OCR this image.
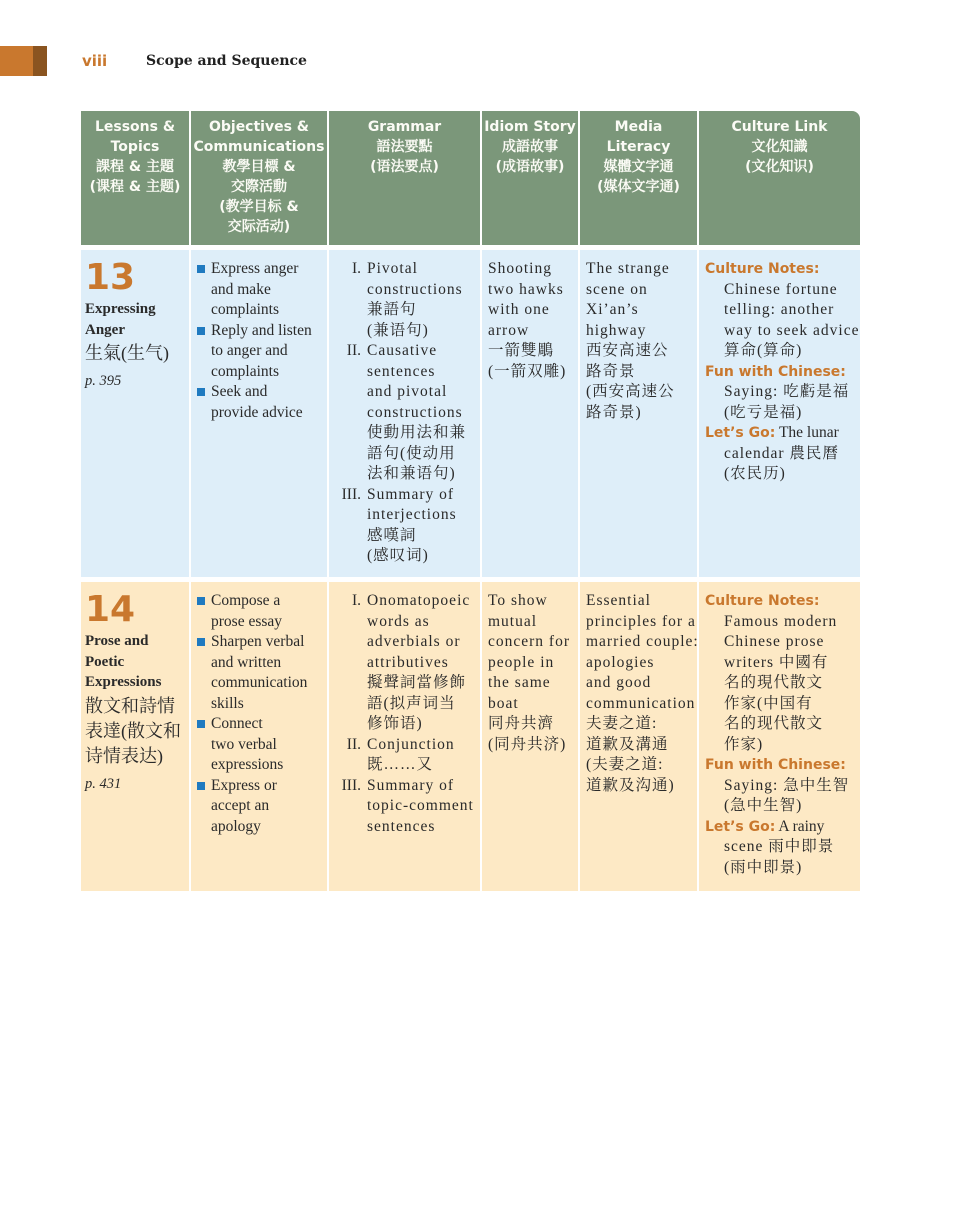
viii	Scope and Sequence
Lessons &
Topics
課程 & 主題
(课程 & 主题)
Objectives &
Communications
教學目標 &
交際活動
(教学目标 &
交际活动)
Grammar
語法要點
(语法要点)
Idiom Story
成語故事
(成语故事)
Media
Literacy
媒體文字通
(媒体文字通)
Culture Link
文化知識
(文化知识)
13
Expressing
Anger
生氣(生气)
p. 395
Express anger
and make
complaints
Reply and listen
to anger and
complaints
Seek and
provide advice
I. Pivotal
constructions
兼語句
(兼语句)
II. Causative
sentences
and pivotal
constructions
使動用法和兼
語句(使动用
法和兼语句)
III. Summary of
interjections
感嘆詞
(感叹词)
Shooting
two hawks
with one
arrow
一箭雙鵰
(一箭双雕)
The strange
scene on
Xi’an’s
highway
西安高速公
路奇景
(西安高速公
路奇景)
Culture Notes:
Chinese fortune
telling: another
way to seek advice
算命(算命)
Fun with Chinese:
Saying: 吃虧是福
(吃亏是福)
Let’s Go: The lunar
calendar 農民曆
(农民历)
14
Prose and
Poetic
Expressions
散文和詩情
表達(散文和
诗情表达)
p. 431
Compose a
prose essay
Sharpen verbal
and written
communication
skills
Connect
two verbal
expressions
Express or
accept an
apology
I. Onomatopoeic
words as
adverbials or
attributives
擬聲詞當修飾
語(拟声词当
修饰语)
II. Conjunction
既……又
III. Summary of
topic-comment
sentences
To show
mutual
concern for
people in
the same
boat
同舟共濟
(同舟共济)
Essential
principles for a
married couple:
apologies
and good
communication
夫妻之道:
道歉及溝通
(夫妻之道:
道歉及沟通)
Culture Notes:
Famous modern
Chinese prose
writers 中國有
名的現代散文
作家(中国有
名的现代散文
作家)
Fun with Chinese:
Saying: 急中生智
(急中生智)
Let’s Go: A rainy
scene 雨中即景
(雨中即景)
